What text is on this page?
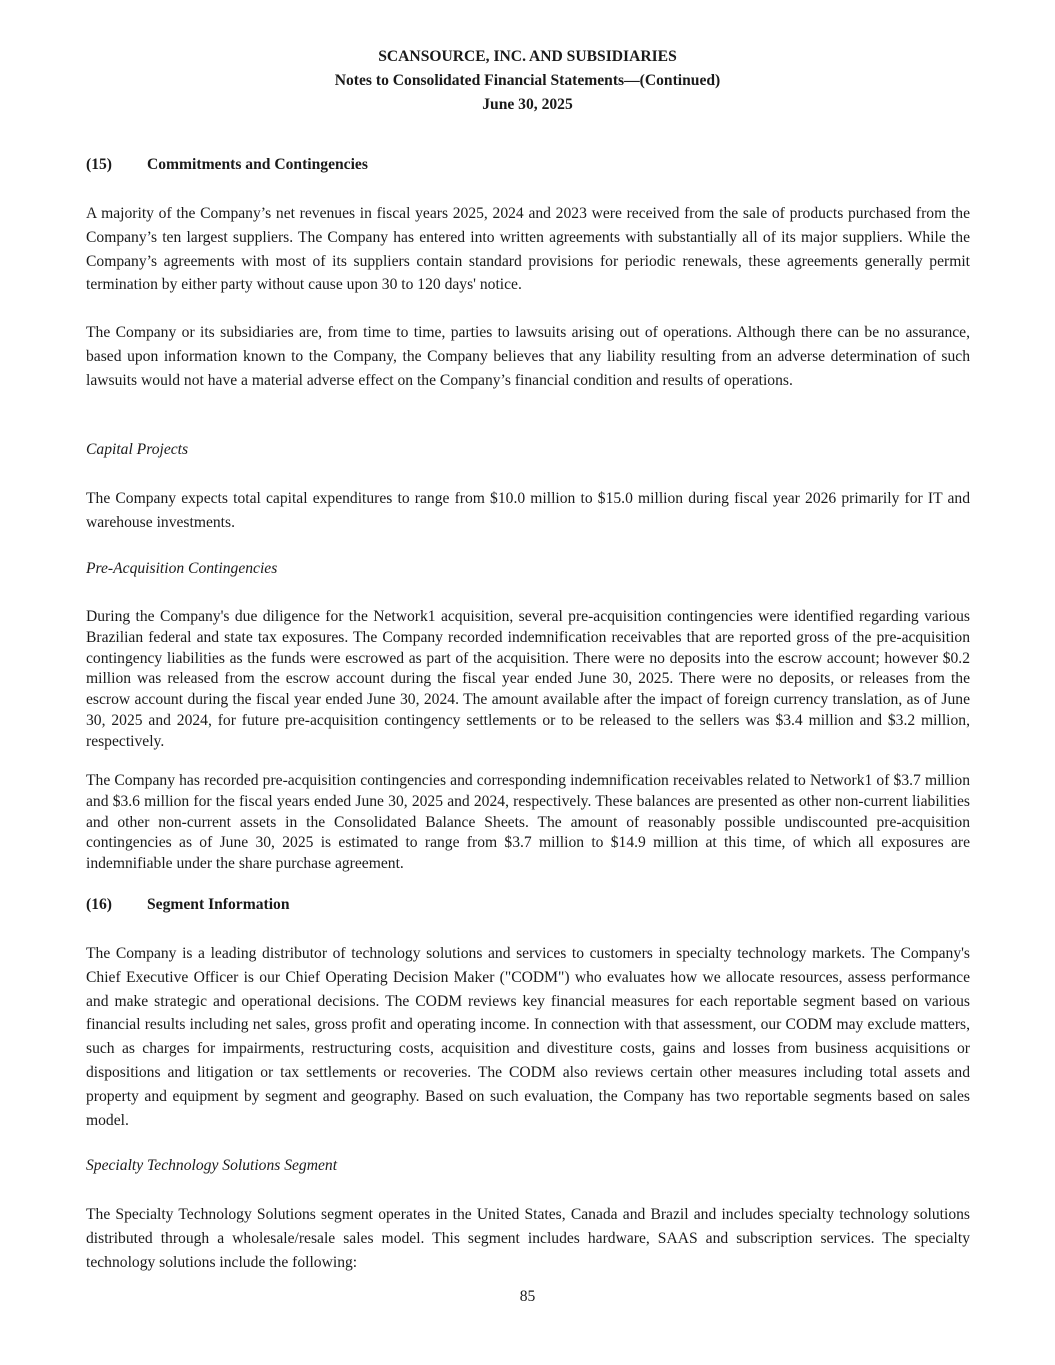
SCANSOURCE, INC. AND SUBSIDIARIES
Notes to Consolidated Financial Statements—(Continued)
June 30, 2025
(15) Commitments and Contingencies
A majority of the Company’s net revenues in fiscal years 2025, 2024 and 2023 were received from the sale of products purchased from the Company’s ten largest suppliers. The Company has entered into written agreements with substantially all of its major suppliers. While the Company’s agreements with most of its suppliers contain standard provisions for periodic renewals, these agreements generally permit termination by either party without cause upon 30 to 120 days' notice.
The Company or its subsidiaries are, from time to time, parties to lawsuits arising out of operations. Although there can be no assurance, based upon information known to the Company, the Company believes that any liability resulting from an adverse determination of such lawsuits would not have a material adverse effect on the Company’s financial condition and results of operations.
Capital Projects
The Company expects total capital expenditures to range from $10.0 million to $15.0 million during fiscal year 2026 primarily for IT and warehouse investments.
Pre-Acquisition Contingencies
During the Company's due diligence for the Network1 acquisition, several pre-acquisition contingencies were identified regarding various Brazilian federal and state tax exposures. The Company recorded indemnification receivables that are reported gross of the pre-acquisition contingency liabilities as the funds were escrowed as part of the acquisition. There were no deposits into the escrow account; however $0.2 million was released from the escrow account during the fiscal year ended June 30, 2025. There were no deposits, or releases from the escrow account during the fiscal year ended June 30, 2024. The amount available after the impact of foreign currency translation, as of June 30, 2025 and 2024, for future pre-acquisition contingency settlements or to be released to the sellers was $3.4 million and $3.2 million, respectively.
The Company has recorded pre-acquisition contingencies and corresponding indemnification receivables related to Network1 of $3.7 million and $3.6 million for the fiscal years ended June 30, 2025 and 2024, respectively. These balances are presented as other non-current liabilities and other non-current assets in the Consolidated Balance Sheets. The amount of reasonably possible undiscounted pre-acquisition contingencies as of June 30, 2025 is estimated to range from $3.7 million to $14.9 million at this time, of which all exposures are indemnifiable under the share purchase agreement.
(16) Segment Information
The Company is a leading distributor of technology solutions and services to customers in specialty technology markets. The Company's Chief Executive Officer is our Chief Operating Decision Maker ("CODM") who evaluates how we allocate resources, assess performance and make strategic and operational decisions. The CODM reviews key financial measures for each reportable segment based on various financial results including net sales, gross profit and operating income. In connection with that assessment, our CODM may exclude matters, such as charges for impairments, restructuring costs, acquisition and divestiture costs, gains and losses from business acquisitions or dispositions and litigation or tax settlements or recoveries. The CODM also reviews certain other measures including total assets and property and equipment by segment and geography. Based on such evaluation, the Company has two reportable segments based on sales model.
Specialty Technology Solutions Segment
The Specialty Technology Solutions segment operates in the United States, Canada and Brazil and includes specialty technology solutions distributed through a wholesale/resale sales model. This segment includes hardware, SAAS and subscription services. The specialty technology solutions include the following:
85
